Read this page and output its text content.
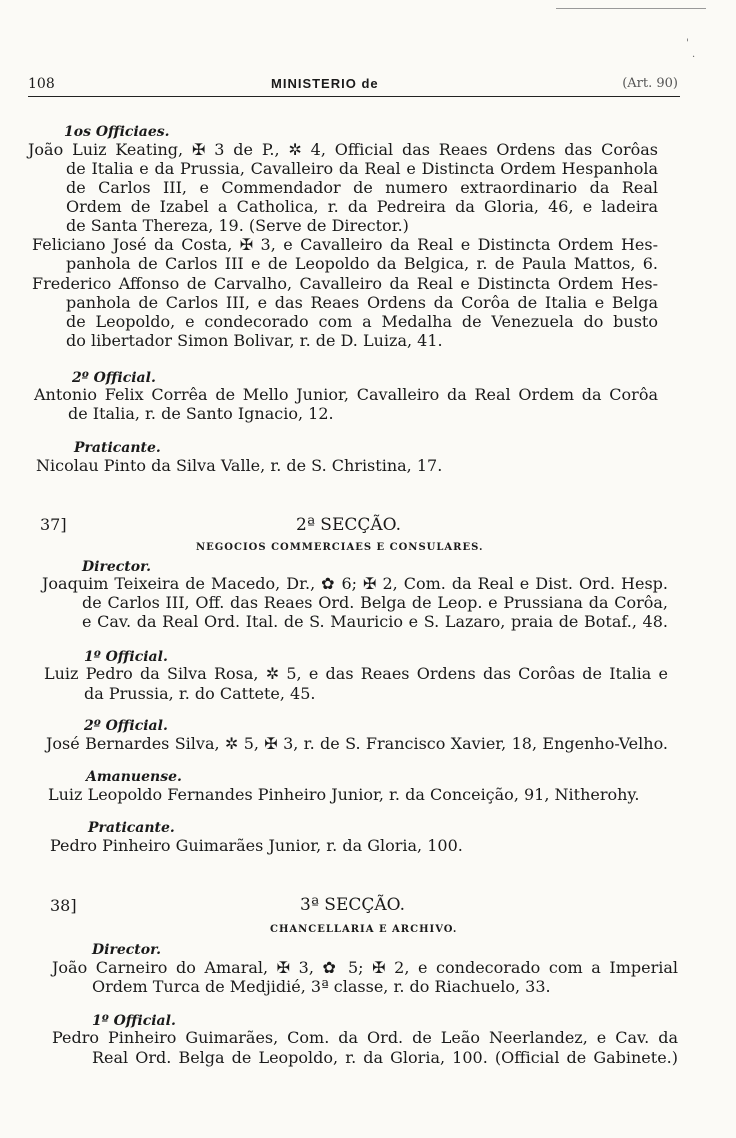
'
·
108	MINISTERIO de	(Art. 90)
1os Officiaes.
João Luiz Keating, ✠ 3 de P., ✲ 4, Official das Reaes Ordens das Corôas
de Italia e da Prussia, Cavalleiro da Real e Distincta Ordem Hespanhola
de Carlos III, e Commendador de numero extraordinario da Real
Ordem de Izabel a Catholica, r. da Pedreira da Gloria, 46, e ladeira
de Santa Thereza, 19. (Serve de Director.)
Feliciano José da Costa, ✠ 3, e Cavalleiro da Real e Distincta Ordem Hes-
panhola de Carlos III e de Leopoldo da Belgica, r. de Paula Mattos, 6.
Frederico Affonso de Carvalho, Cavalleiro da Real e Distincta Ordem Hes-
panhola de Carlos III, e das Reaes Ordens da Corôa de Italia e Belga
de Leopoldo, e condecorado com a Medalha de Venezuela do busto
do libertador Simon Bolivar, r. de D. Luiza, 41.
2º Official.
Antonio Felix Corrêa de Mello Junior, Cavalleiro da Real Ordem da Corôa
de Italia, r. de Santo Ignacio, 12.
Praticante.
Nicolau Pinto da Silva Valle, r. de S. Christina, 17.
37]	2ª SECÇÃO.
NEGOCIOS COMMERCIAES E CONSULARES.
Director.
Joaquim Teixeira de Macedo, Dr., ✿ 6; ✠ 2, Com. da Real e Dist. Ord. Hesp.
de Carlos III, Off. das Reaes Ord. Belga de Leop. e Prussiana da Corôa,
e Cav. da Real Ord. Ital. de S. Mauricio e S. Lazaro, praia de Botaf., 48.
1º Official.
Luiz Pedro da Silva Rosa, ✲ 5, e das Reaes Ordens das Corôas de Italia e
da Prussia, r. do Cattete, 45.
2º Official.
José Bernardes Silva, ✲ 5, ✠ 3, r. de S. Francisco Xavier, 18, Engenho-Velho.
Amanuense.
Luiz Leopoldo Fernandes Pinheiro Junior, r. da Conceição, 91, Nitherohy.
Praticante.
Pedro Pinheiro Guimarães Junior, r. da Gloria, 100.
38]	3ª SECÇÃO.
CHANCELLARIA E ARCHIVO.
Director.
João Carneiro do Amaral, ✠ 3, ✿ 5; ✠ 2, e condecorado com a Imperial
Ordem Turca de Medjidié, 3ª classe, r. do Riachuelo, 33.
1º Official.
Pedro Pinheiro Guimarães, Com. da Ord. de Leão Neerlandez, e Cav. da
Real Ord. Belga de Leopoldo, r. da Gloria, 100. (Official de Gabinete.)
